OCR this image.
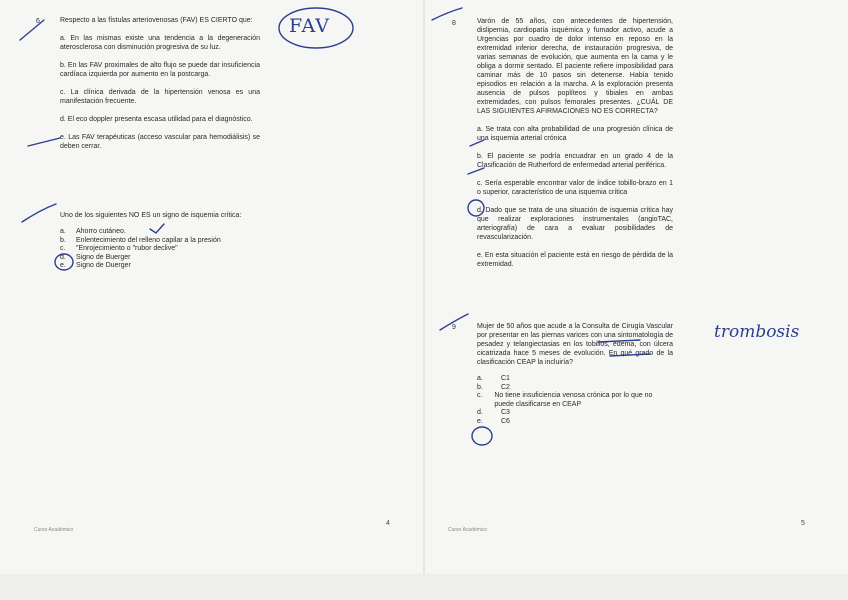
6	Respecto a las fístulas arteriovenosas (FAV) ES CIERTO que:

a. En las mismas existe una tendencia a la degeneración aterosclerosa con disminución progresiva de su luz.

b. En las FAV proximales de alto flujo se puede dar insuficiencia cardíaca izquierda por aumento en la postcarga.

c. La clínica derivada de la hipertensión venosa es una manifestación frecuente.

d. El eco doppler presenta escasa utilidad para el diagnóstico.

e. Las FAV terapéuticas (acceso vascular para hemodiálisis) se deben cerrar.

Uno de los siguientes NO ES un signo de isquemia crítica:

a.	Ahorro cutáneo.
b.	Enlentecimiento del relleno capilar a la presión
c.	"Enrojecimiento o "rubor declive"
d.	Signo de Buerger
e.	Signo de Duerger
Curso Académico
4
8	Varón de 55 años, con antecedentes de hipertensión, dislipemia, cardiopatía isquémica y fumador activo, acude a Urgencias por cuadro de dolor intenso en reposo en la extremidad inferior derecha, de instauración progresiva, de varias semanas de evolución, que aumenta en la cama y le obliga a dormir sentado. El paciente refiere imposibilidad para caminar más de 10 pasos sin detenerse. Había tenido episodios en relación a la marcha. A la exploración presenta ausencia de pulsos poplíteos y tibiales en ambas extremidades, con pulsos femorales presentes. ¿CUÁL DE LAS SIGUIENTES AFIRMACIONES NO ES CORRECTA?

a. Se trata con alta probabilidad de una progresión clínica de una isquemia arterial crónica

b. El paciente se podría encuadrar en un grado 4 de la Clasificación de Rutherford de enfermedad arterial periférica.

c. Sería esperable encontrar valor de índice tobillo-brazo en 1 o superior, característico de una isquemia crítica

d. Dado que se trata de una situación de isquemia crítica hay que realizar exploraciones instrumentales (angioTAC, arteriografía) de cara a evaluar posibilidades de revascularización.

e. En esta situación el paciente está en riesgo de pérdida de la extremidad.

9	Mujer de 50 años que acude a la Consulta de Cirugía Vascular por presentar en las piernas varices con una sintomatología de pesadez y telangiectasias en los tobillos, edema, con úlcera cicatrizada hace 5 meses de evolución. En qué grado de la clasificación CEAP la incluiría?

a.	C1
b.	C2
c.	No tiene insuficiencia venosa crónica por lo que no puede clasificarse en CEAP
d.	C3
e.	C6
Curso Académico
5
FAV
trombosis
